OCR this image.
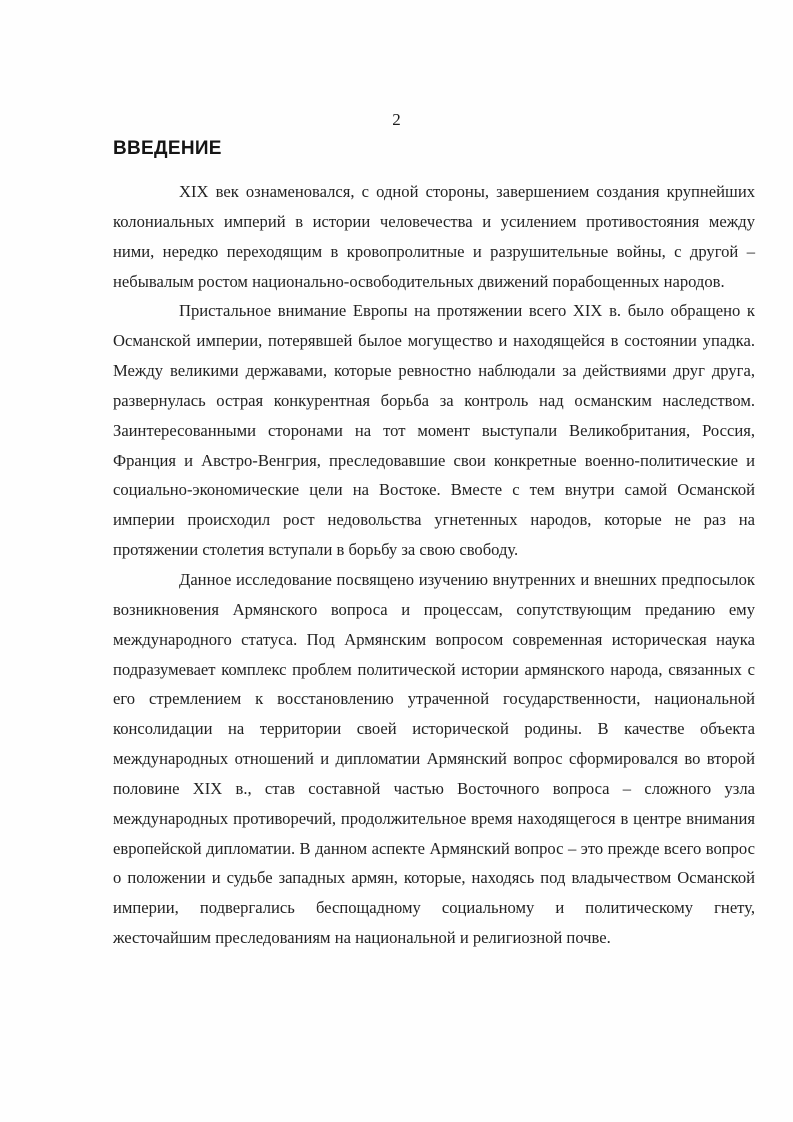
2
ВВЕДЕНИЕ

XIX век ознаменовался, с одной стороны, завершением создания крупнейших колониальных империй в истории человечества и усилением противостояния между ними, нередко переходящим в кровопролитные и разрушительные войны, с другой – небывалым ростом национально-освободительных движений порабощенных народов.

Пристальное внимание Европы на протяжении всего XIX в. было обращено к Османской империи, потерявшей былое могущество и находящейся в состоянии упадка. Между великими державами, которые ревностно наблюдали за действиями друг друга, развернулась острая конкурентная борьба за контроль над османским наследством. Заинтересованными сторонами на тот момент выступали Великобритания, Россия, Франция и Австро-Венгрия, преследовавшие свои конкретные военно-политические и социально-экономические цели на Востоке. Вместе с тем внутри самой Османской империи происходил рост недовольства угнетенных народов, которые не раз на протяжении столетия вступали в борьбу за свою свободу.

Данное исследование посвящено изучению внутренних и внешних предпосылок возникновения Армянского вопроса и процессам, сопутствующим преданию ему международного статуса. Под Армянским вопросом современная историческая наука подразумевает комплекс проблем политической истории армянского народа, связанных с его стремлением к восстановлению утраченной государственности, национальной консолидации на территории своей исторической родины. В качестве объекта международных отношений и дипломатии Армянский вопрос сформировался во второй половине XIX в., став составной частью Восточного вопроса – сложного узла международных противоречий, продолжительное время находящегося в центре внимания европейской дипломатии. В данном аспекте Армянский вопрос – это прежде всего вопрос о положении и судьбе западных армян, которые, находясь под владычеством Османской империи, подвергались беспощадному социальному и политическому гнету, жесточайшим преследованиям на национальной и религиозной почве.
